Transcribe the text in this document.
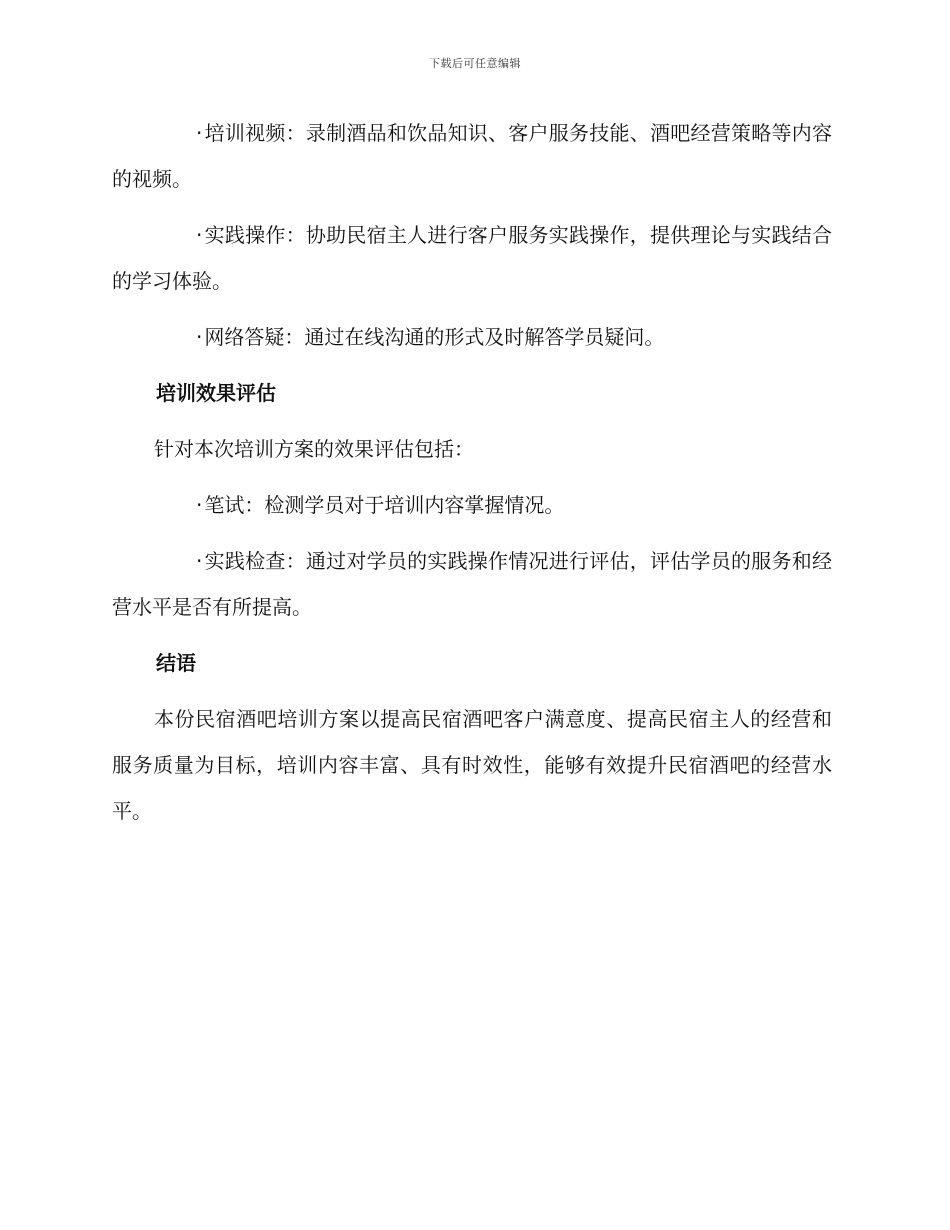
下载后可任意编辑

· 培训视频：录制酒品和饮品知识、客户服务技能、酒吧经营策略等内容的视频。

· 实践操作：协助民宿主人进行客户服务实践操作，提供理论与实践结合的学习体验。

· 网络答疑：通过在线沟通的形式及时解答学员疑问。

培训效果评估

针对本次培训方案的效果评估包括：

· 笔试：检测学员对于培训内容掌握情况。

· 实践检查：通过对学员的实践操作情况进行评估，评估学员的服务和经营水平是否有所提高。

结语

本份民宿酒吧培训方案以提高民宿酒吧客户满意度、提高民宿主人的经营和服务质量为目标，培训内容丰富、具有时效性，能够有效提升民宿酒吧的经营水平。
